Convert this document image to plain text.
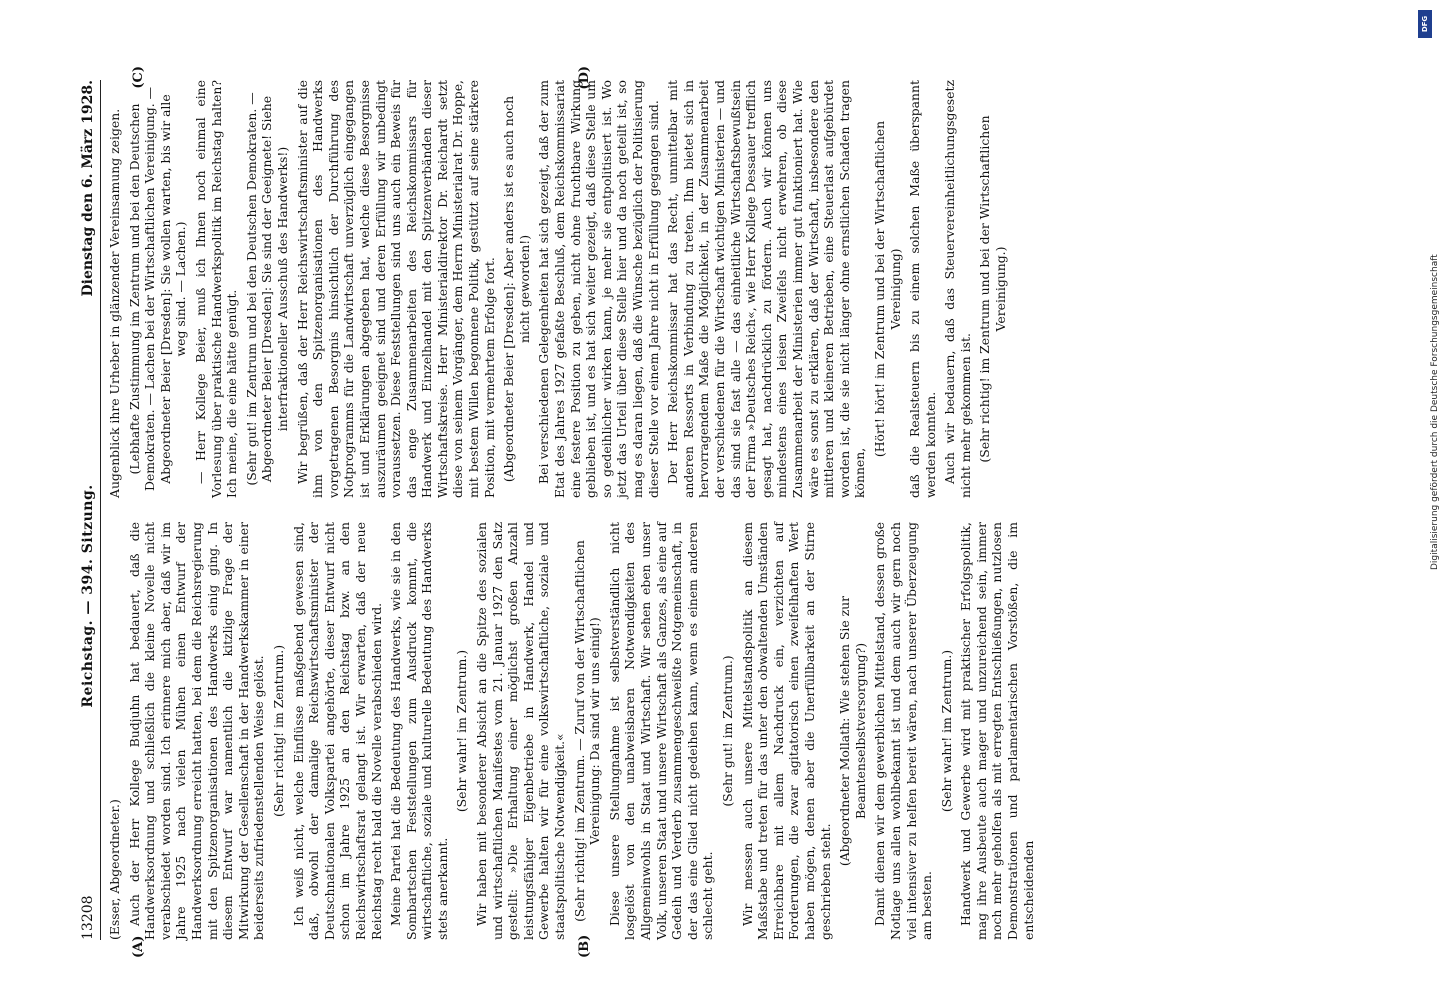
13208
Reichstag. — 394. Sitzung.
Dienstag den 6. März 1928.
(A)	(B)

(Esser, Abgeordneter.) Auch der Herr Kollege Budjuhn hat bedauert, daß die Handwerksordnung und schließlich die kleine Novelle nicht verabschiedet worden sind. Ich erinnere mich aber, daß wir im Jahre 1925 nach vielen Mühen einen Entwurf der Handwerksordnung erreicht hatten, bei dem die Reichsregierung mit den Spitzenorganisationen des Handwerks einig ging. In diesem Entwurf war namentlich die kitzlige Frage der Mitwirkung der Gesellenschaft in der Handwerkskammer in einer beiderseits zufriedenstellenden Weise gelöst. (Sehr richtig! im Zentrum.) Ich weiß nicht, welche Einflüsse maßgebend gewesen sind, daß, obwohl der damalige Reichswirtschaftsminister der Deutschnationalen Volkspartei angehörte, dieser Entwurf nicht schon im Jahre 1925 an den Reichstag bzw. an den Reichswirtschaftsrat gelangt ist. Wir erwarten, daß der neue Reichstag recht bald die Novelle verabschieden wird. Meine Partei hat die Bedeutung des Handwerks, wie sie in den Sombartschen Feststellungen zum Ausdruck kommt, die wirtschaftliche, soziale und kulturelle Bedeutung des Handwerks stets anerkannt.

(Sehr wahr! im Zentrum.) Wir haben mit besonderer Absicht an die Spitze des sozialen und wirtschaftlichen Manifestes vom 21. Januar 1927 den Satz gestellt: »Die Erhaltung einer möglichst großen Anzahl leistungsfähiger Eigenbetriebe in Handwerk, Handel und Gewerbe halten wir für eine volkswirtschaftliche, soziale und staatspolitische Notwendigkeit.« (Sehr richtig! im Zentrum. — Zuruf von der Wirtschaftlichen Vereinigung: Da sind wir uns einig!) Diese unsere Stellungnahme ist selbstverständlich nicht losgelöst von den unabweisbaren Notwendigkeiten des Allgemeinwohls in Staat und Wirtschaft. Wir sehen eben unser Volk, unseren Staat und unsere Wirtschaft als Ganzes, als eine auf Gedeih und Verderb zusammengeschweißte Notgemeinschaft, in der das eine Glied nicht gedeihen kann, wenn es einem anderen schlecht geht.

(Sehr gut! im Zentrum.) Wir messen auch unsere Mittelstandspolitik an diesem Maßstabe und treten für das unter den obwaltenden Umständen Erreichbare mit allem Nachdruck ein, verzichten auf Forderungen, die zwar agitatorisch einen zweifelhaften Wert haben mögen, denen aber die Unerfüllbarkeit an der Stirne geschrieben steht.

(Abgeordneter Mollath: Wie stehen Sie zur Beamtenselbstversorgung?) Damit dienen wir dem gewerblichen Mittelstand, dessen große Notlage uns allen wohlbekannt ist und dem auch wir gern noch viel intensiver zu helfen bereit wären, nach unserer Überzeugung am besten.

(Sehr wahr! im Zentrum.) Handwerk und Gewerbe wird mit praktischer Erfolgspolitik, mag ihre Ausbeute auch mager und unzureichend sein, immer noch mehr geholfen als mit erregten Entschließungen, nutzlosen Demonstrationen und parlamentarischen Vorstößen, die im entscheidenden

(C)	(D)

Augenblick ihre Urheber in glänzender Vereinsamung zeigen. (Lebhafte Zustimmung im Zentrum und bei den Deutschen Demokraten. — Lachen bei der Wirtschaftlichen Vereinigung. — Abgeordneter Beier [Dresden]: Sie wollen warten, bis wir alle weg sind. — Lachen.) — Herr Kollege Beier, muß ich Ihnen noch einmal eine Vorlesung über praktische Handwerkspolitik im Reichstag halten? Ich meine, die eine hätte genügt. (Sehr gut! im Zentrum und bei den Deutschen Demokraten. — Abgeordneter Beier [Dresden]: Sie sind der Geeignete! Siehe interfraktioneller Ausschuß des Handwerks!) Wir begrüßen, daß der Herr Reichswirtschaftsminister auf die ihm von den Spitzenorganisationen des Handwerks vorgetragenen Besorgnis hinsichtlich der Durchführung des Notprogramms für die Landwirtschaft unverzüglich eingegangen ist und Erklärungen abgegeben hat, welche diese Besorgnisse auszuräumen geeignet sind und deren Erfüllung wir unbedingt voraussetzen. Diese Feststellungen sind uns auch ein Beweis für das enge Zusammenarbeiten des Reichskommissars für Handwerk und Einzelhandel mit den Spitzenverbänden dieser Wirtschaftskreise. Herr Ministerialdirektor Dr. Reichardt setzt diese von seinem Vorgänger, dem Herrn Ministerialrat Dr. Hoppe, mit bestem Willen begonnene Politik, gestützt auf seine stärkere Position, mit vermehrtem Erfolge fort. (Abgeordneter Beier [Dresden]: Aber anders ist es auch noch nicht geworden!) Bei verschiedenen Gelegenheiten hat sich gezeigt, daß der zum Etat des Jahres 1927 gefaßte Beschluß, dem Reichskommissariat eine festere Position zu geben, nicht ohne fruchtbare Wirkung geblieben ist, und es hat sich weiter gezeigt, daß diese Stelle um so gedeihlicher wirken kann, je mehr sie entpolitisiert ist. Wo jetzt das Urteil über diese Stelle hier und da noch geteilt ist, so mag es daran liegen, daß die Wünsche bezüglich der Politisierung dieser Stelle vor einem Jahre nicht in Erfüllung gegangen sind. Der Herr Reichskommissar hat das Recht, unmittelbar mit anderen Ressorts in Verbindung zu treten. Ihm bietet sich in hervorragendem Maße die Möglichkeit, in der Zusammenarbeit der verschiedenen für die Wirtschaft wichtigen Ministerien — und das sind sie fast alle — das einheitliche Wirtschaftsbewußtsein der Firma »Deutsches Reich«, wie Herr Kollege Dessauer trefflich gesagt hat, nachdrücklich zu fördern. Auch wir können uns mindestens eines leisen Zweifels nicht erwehren, ob diese Zusammenarbeit der Ministerien immer gut funktioniert hat. Wie wäre es sonst zu erklären, daß der Wirtschaft, insbesondere den mittleren und kleineren Betrieben, eine Steuerlast aufgebürdet worden ist, die sie nicht länger ohne ernstlichen Schaden tragen können,

(Hört! hört! im Zentrum und bei der Wirtschaftlichen Vereinigung) daß die Realsteuern bis zu einem solchen Maße überspannt werden konnten. Auch wir bedauern, daß das Steuervereinheitlichungsgesetz nicht mehr gekommen ist. (Sehr richtig! im Zentrum und bei der Wirtschaftlichen Vereinigung.)	Digitalisierung gefördert durch die Deutsche Forschungsgemeinschaft
DFG
